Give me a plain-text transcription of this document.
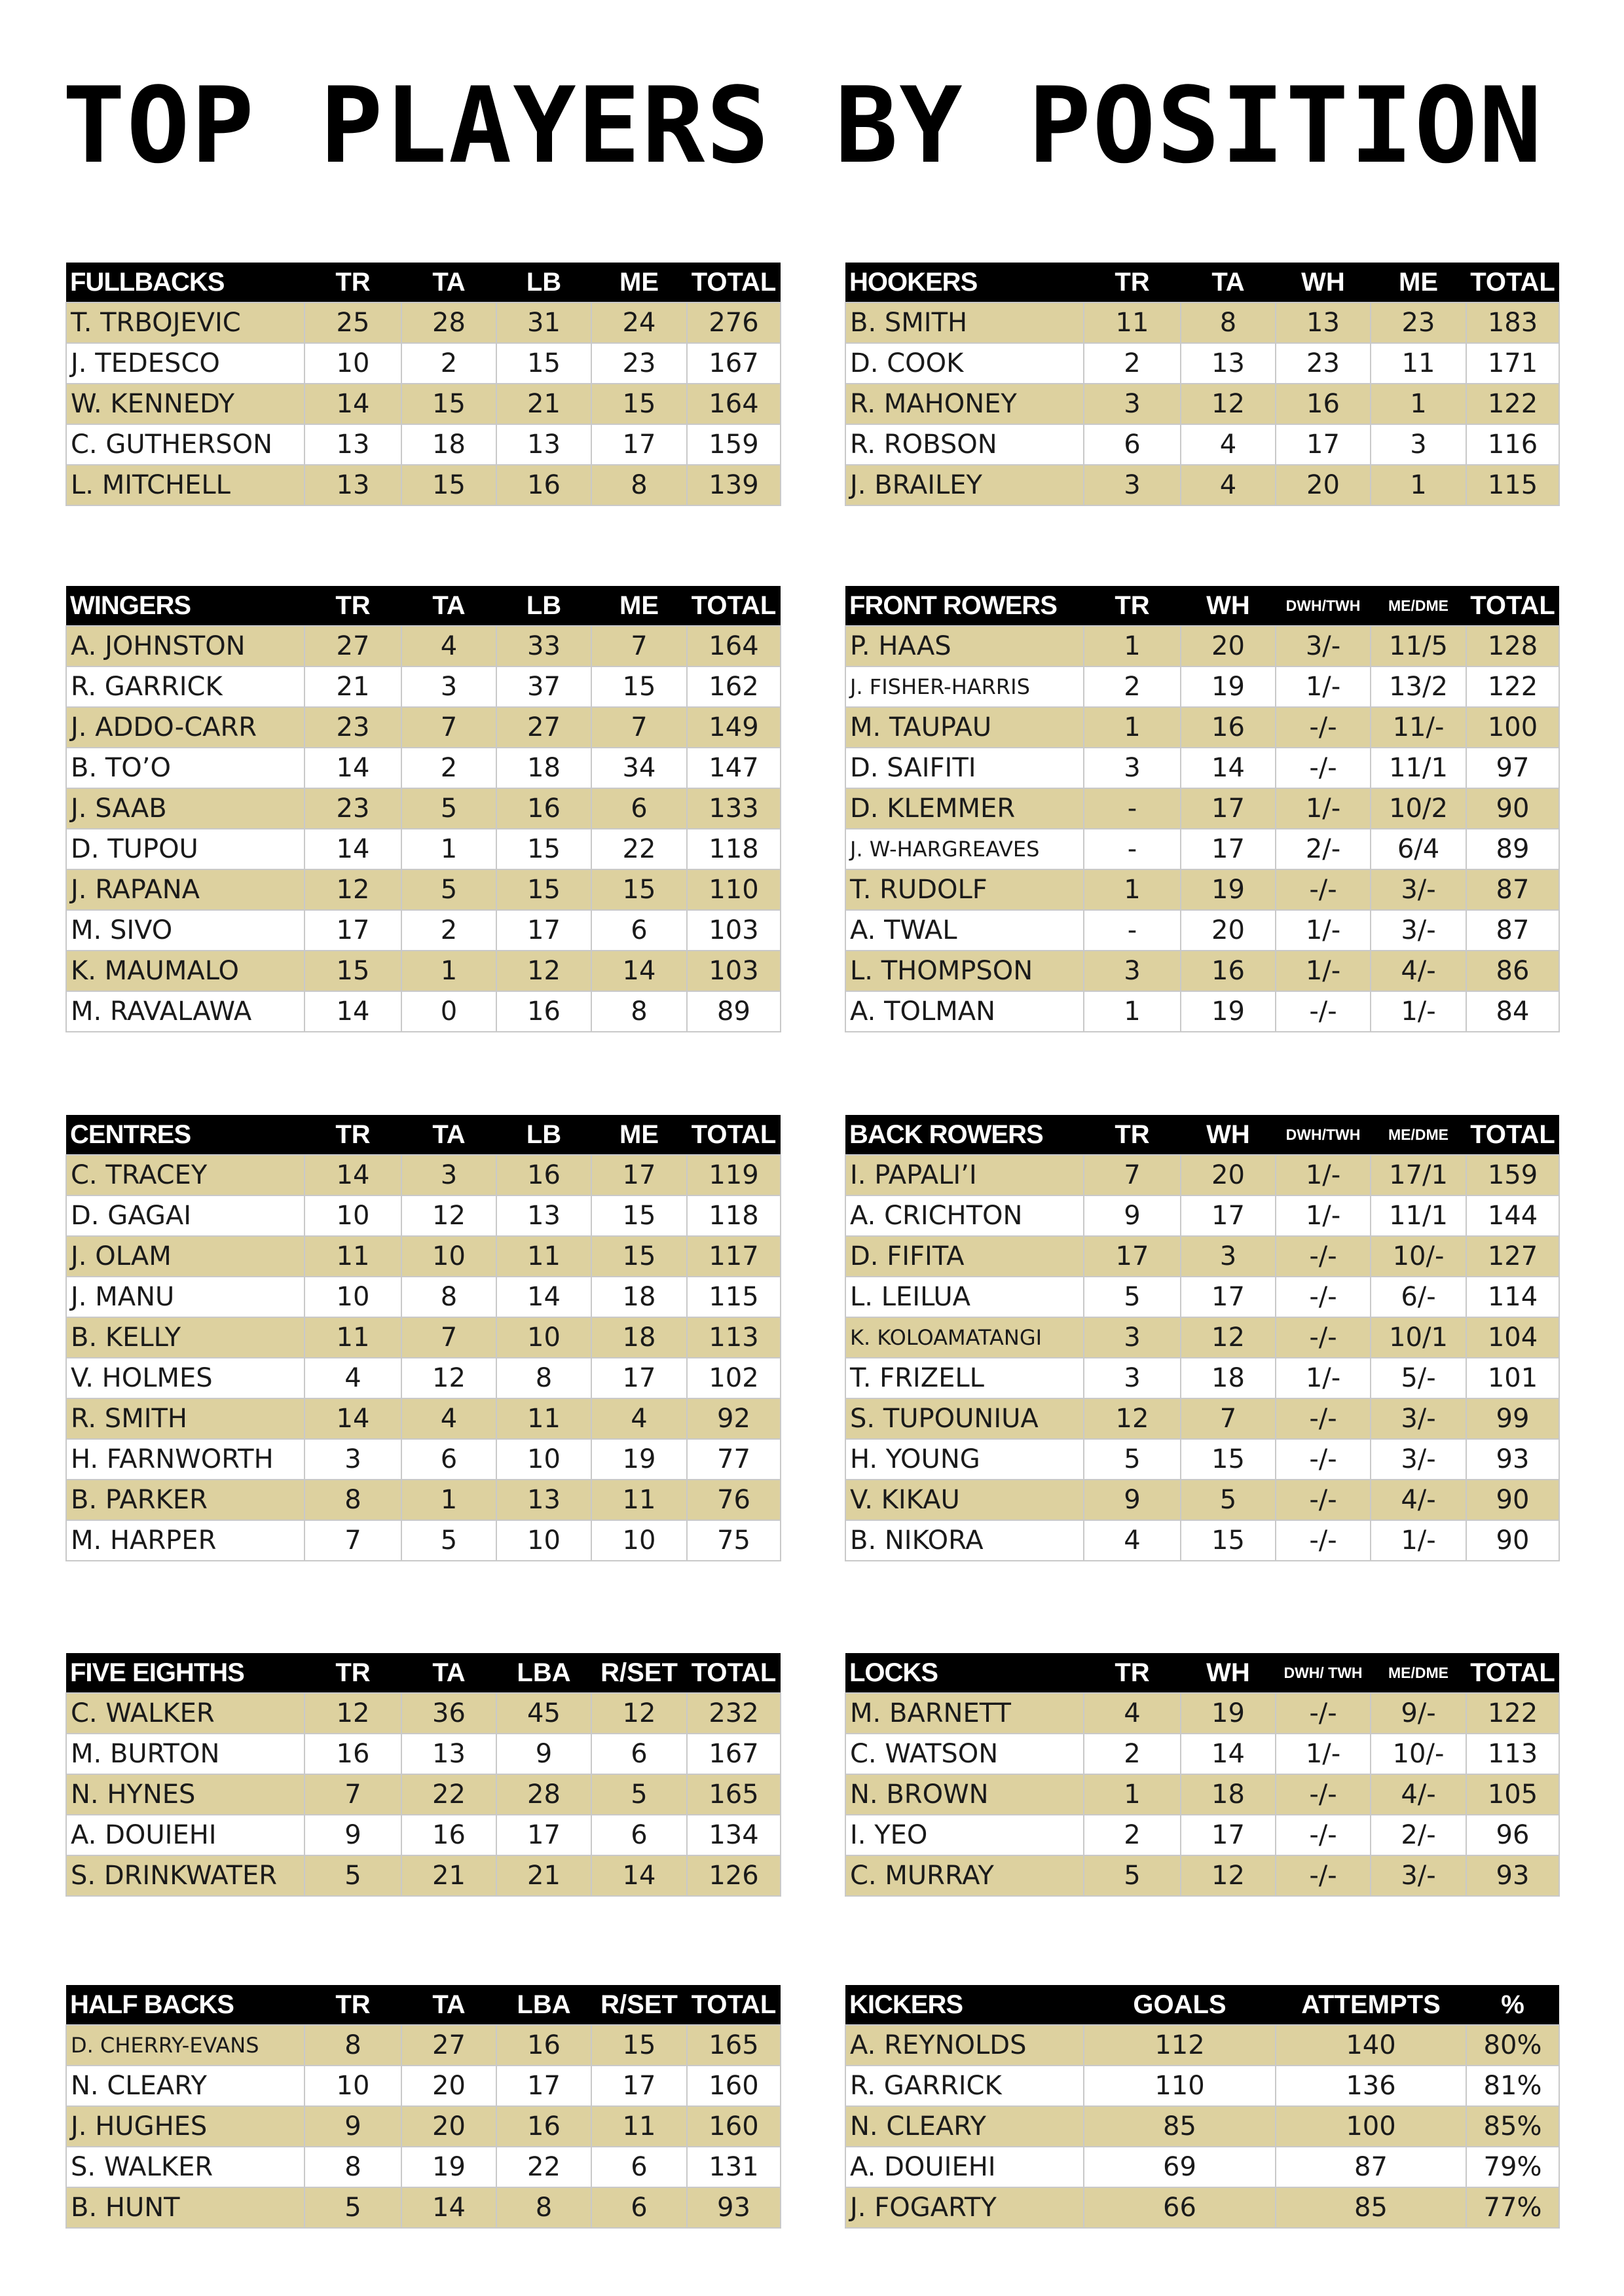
TOP PLAYERS BY POSITION
FULLBACKS	TR	TA	LB	ME	TOTAL
T. TRBOJEVIC	25	28	31	24	276
J. TEDESCO	10	2	15	23	167
W. KENNEDY	14	15	21	15	164
C. GUTHERSON	13	18	13	17	159
L. MITCHELL	13	15	16	8	139
WINGERS	TR	TA	LB	ME	TOTAL
A. JOHNSTON	27	4	33	7	164
R. GARRICK	21	3	37	15	162
J. ADDO-CARR	23	7	27	7	149
B. TO’O	14	2	18	34	147
J. SAAB	23	5	16	6	133
D. TUPOU	14	1	15	22	118
J. RAPANA	12	5	15	15	110
M. SIVO	17	2	17	6	103
K. MAUMALO	15	1	12	14	103
M. RAVALAWA	14	0	16	8	89
CENTRES	TR	TA	LB	ME	TOTAL
C. TRACEY	14	3	16	17	119
D. GAGAI	10	12	13	15	118
J. OLAM	11	10	11	15	117
J. MANU	10	8	14	18	115
B. KELLY	11	7	10	18	113
V. HOLMES	4	12	8	17	102
R. SMITH	14	4	11	4	92
H. FARNWORTH	3	6	10	19	77
B. PARKER	8	1	13	11	76
M. HARPER	7	5	10	10	75
FIVE EIGHTHS	TR	TA	LBA	R/SET	TOTAL
C. WALKER	12	36	45	12	232
M. BURTON	16	13	9	6	167
N. HYNES	7	22	28	5	165
A. DOUIEHI	9	16	17	6	134
S. DRINKWATER	5	21	21	14	126
HALF BACKS	TR	TA	LBA	R/SET	TOTAL
D. CHERRY-EVANS	8	27	16	15	165
N. CLEARY	10	20	17	17	160
J. HUGHES	9	20	16	11	160
S. WALKER	8	19	22	6	131
B. HUNT	5	14	8	6	93
HOOKERS	TR	TA	WH	ME	TOTAL
B. SMITH	11	8	13	23	183
D. COOK	2	13	23	11	171
R. MAHONEY	3	12	16	1	122
R. ROBSON	6	4	17	3	116
J. BRAILEY	3	4	20	1	115
FRONT ROWERS	TR	WH	DWH/TWH	ME/DME	TOTAL
P. HAAS	1	20	3/-	11/5	128
J. FISHER-HARRIS	2	19	1/-	13/2	122
M. TAUPAU	1	16	-/-	11/-	100
D. SAIFITI	3	14	-/-	11/1	97
D. KLEMMER	-	17	1/-	10/2	90
J. W-HARGREAVES	-	17	2/-	6/4	89
T. RUDOLF	1	19	-/-	3/-	87
A. TWAL	-	20	1/-	3/-	87
L. THOMPSON	3	16	1/-	4/-	86
A. TOLMAN	1	19	-/-	1/-	84
BACK ROWERS	TR	WH	DWH/TWH	ME/DME	TOTAL
I. PAPALI’I	7	20	1/-	17/1	159
A. CRICHTON	9	17	1/-	11/1	144
D. FIFITA	17	3	-/-	10/-	127
L. LEILUA	5	17	-/-	6/-	114
K. KOLOAMATANGI	3	12	-/-	10/1	104
T. FRIZELL	3	18	1/-	5/-	101
S. TUPOUNIUA	12	7	-/-	3/-	99
H. YOUNG	5	15	-/-	3/-	93
V. KIKAU	9	5	-/-	4/-	90
B. NIKORA	4	15	-/-	1/-	90
LOCKS	TR	WH	DWH/ TWH	ME/DME	TOTAL
M. BARNETT	4	19	-/-	9/-	122
C. WATSON	2	14	1/-	10/-	113
N. BROWN	1	18	-/-	4/-	105
I. YEO	2	17	-/-	2/-	96
C. MURRAY	5	12	-/-	3/-	93
KICKERS	GOALS	ATTEMPTS	%
A. REYNOLDS	112	140	80%
R. GARRICK	110	136	81%
N. CLEARY	85	100	85%
A. DOUIEHI	69	87	79%
J. FOGARTY	66	85	77%
